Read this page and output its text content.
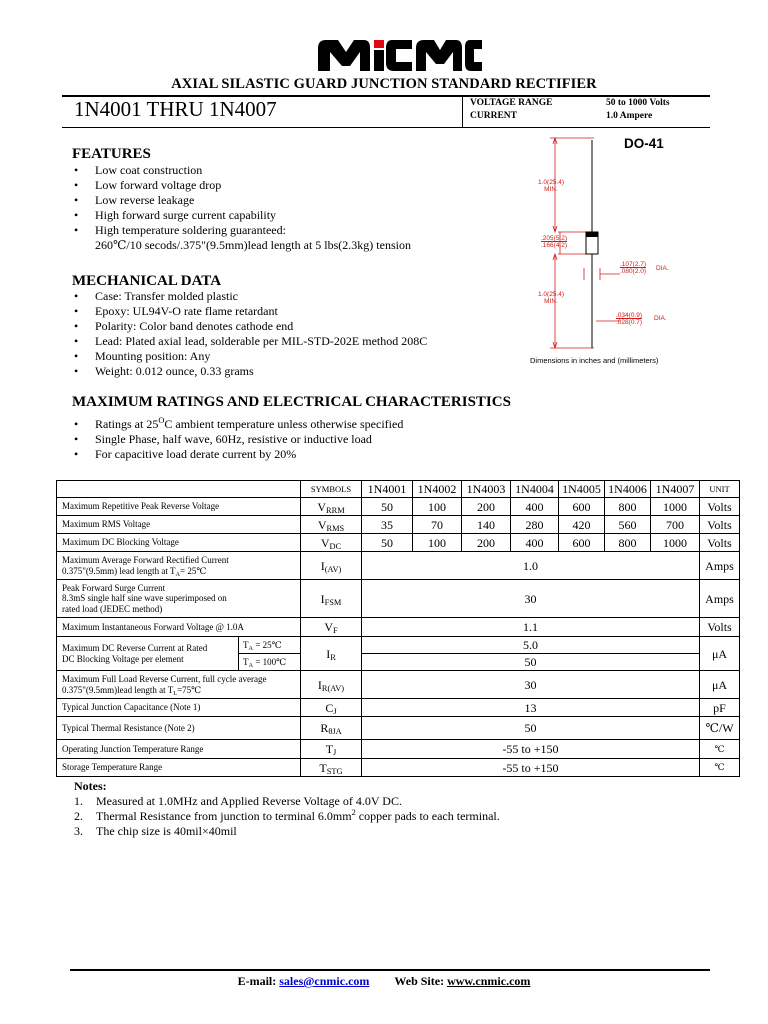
AXIAL SILASTIC GUARD JUNCTION STANDARD RECTIFIER
1N4001 THRU 1N4007	VOLTAGE RANGE
CURRENT
50 to 1000 Volts
1.0 Ampere
FEATURES
• Low coat construction
• Low forward voltage drop
• Low reverse leakage
• High forward surge current capability
• High temperature soldering guaranteed:
260℃/10 secods/.375"(9.5mm)lead length at 5 lbs(2.3kg) tension
MECHANICAL DATA
• Case: Transfer molded plastic
• Epoxy: UL94V-O rate flame retardant
• Polarity: Color band denotes cathode end
• Lead: Plated axial lead, solderable per MIL-STD-202E method 208C
• Mounting position: Any
• Weight: 0.012 ounce, 0.33 grams
DO-41
1.0(25.4)
MIN.
.205(5.2)
.166(4.2)
.107(2.7)
.080(2.0) DIA.
1.0(25.4)
MIN.
.034(0.9)
.028(0.7)
DIA.
Dimensions in inches and (millimeters)
MAXIMUM RATINGS AND ELECTRICAL CHARACTERISTICS
• Ratings at $25^OC$ ambient temperature unless otherwise specified
• Single Phase, half wave, 60Hz, resistive or inductive load
• For capacitive load derate current by 20%
		SYMBOLS	1N4001	1N4002	1N4003	1N4004	1N4005	1N4006	1N4007	UNIT
Maximum Repetitive Peak Reverse Voltage		$V_{RRM}$	50	100	200	400	600	800	1000	Volts
Maximum RMS Voltage		$V_{RMS}$	35	70	140	280	420	560	700	Volts
Maximum DC Blocking Voltage		$V_{DC}$	50	100	200	400	600	800	1000	Volts

Maximum Average Forward Rectified Current
0.375"(9.5mm) lead length at $T_A=$ 25℃		$I_{(AV)}$	1.0							Amps

Peak Forward Surge Current
8.3mS single half sine wave superimposed on
rated load (JEDEC method)		$I_{FSM}$	30							Amps
Maximum Instantaneous Forward Voltage @ 1.0A		$V_F$	1.1							Volts

Maximum DC Reverse Current at Rated
DC Blocking Voltage per element	$T_A$ = 25℃	$I_R$	5.0							μA
	$T_A$ = 100℃		50							

Maximum Full Load Reverse Current, full cycle average
0.375"(9.5mm)lead length at $T_L=75℃$		$I_{R(AV)}$	30							μA
Typical Junction Capacitance (Note 1)		$C_J$	13							pF
Typical Thermal Resistance (Note 2)		$R_{\theta JA}$	50							℃/W
Operating Junction Temperature Range		$T_J$	-55 to +150							℃
Storage Temperature Range		$T_{STG}$	-55 to +150							℃
Notes:
1. Measured at 1.0MHz and Applied Reverse Voltage of 4.0V DC.
2. Thermal Resistance from junction to terminal $6.0mm^2$ copper pads to each terminal.
3. The chip size is 40mil×40mil
E-mail: sales@cnmic.com Web Site: www.cnmic.com
